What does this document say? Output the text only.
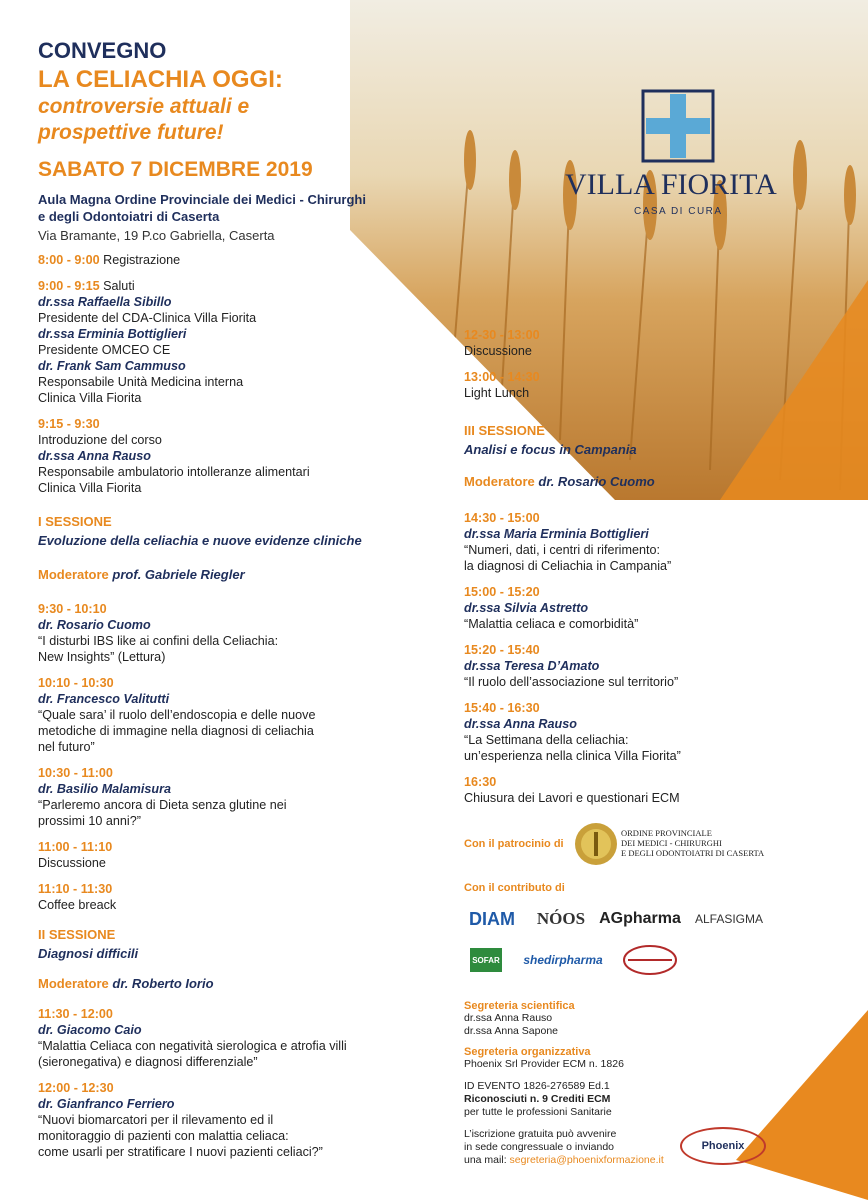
VILLA FIORITA
CASA DI CURA
CONVEGNO
LA CELIACHIA OGGI:
controversie attuali e
prospettive future!
SABATO 7 DICEMBRE 2019
Aula Magna Ordine Provinciale dei Medici - Chirurghi
e degli Odontoiatri di Caserta
Via Bramante, 19 P.co Gabriella, Caserta
8:00 - 9:00 Registrazione
9:00 - 9:15 Saluti
dr.ssa Raffaella Sibillo
Presidente del CDA-Clinica Villa Fiorita
dr.ssa Erminia Bottiglieri
Presidente OMCEO CE
dr. Frank Sam Cammuso
Responsabile Unità Medicina interna
Clinica Villa Fiorita
9:15 - 9:30
Introduzione del corso
dr.ssa Anna Rauso
Responsabile ambulatorio intolleranze alimentari
Clinica Villa Fiorita
I SESSIONE
Evoluzione della celiachia e nuove evidenze cliniche
Moderatore prof. Gabriele Riegler
9:30 - 10:10
dr. Rosario Cuomo
“I disturbi IBS like ai confini della Celiachia:
New Insights” (Lettura)
10:10 - 10:30
dr. Francesco Valitutti
“Quale sara’ il ruolo dell’endoscopia e delle nuove
metodiche di immagine nella diagnosi di celiachia
nel futuro”
10:30 - 11:00
dr. Basilio Malamisura
“Parleremo ancora di Dieta senza glutine nei
prossimi 10 anni?”
11:00 - 11:10
Discussione
11:10 - 11:30
Coffee breack
II SESSIONE
Diagnosi difficili
Moderatore dr. Roberto Iorio
11:30 - 12:00
dr. Giacomo Caio
“Malattia Celiaca con negatività sierologica e atrofia villi
(sieronegativa) e diagnosi differenziale”
12:00 - 12:30
dr. Gianfranco Ferriero
“Nuovi biomarcatori per il rilevamento ed il
monitoraggio di pazienti con malattia celiaca:
come usarli per stratificare I nuovi pazienti celiaci?”
12-30 - 13:00
Discussione
13:00 - 14:30
Light Lunch
III SESSIONE
Analisi e focus in Campania
Moderatore dr. Rosario Cuomo
14:30 - 15:00
dr.ssa Maria Erminia Bottiglieri
“Numeri, dati, i centri di riferimento:
la diagnosi di Celiachia in Campania”
15:00 - 15:20
dr.ssa Silvia Astretto
“Malattia celiaca e comorbidità”
15:20 - 15:40
dr.ssa Teresa D’Amato
“Il ruolo dell’associazione sul territorio”
15:40 - 16:30
dr.ssa Anna Rauso
“La Settimana della celiachia:
un’esperienza nella clinica Villa Fiorita”
16:30
Chiusura dei Lavori e questionari ECM
Con il patrocinio di
ORDINE PROVINCIALE
DEI MEDICI - CHIRURGHI
E DEGLI ODONTOIATRI DI CASERTA
Con il contributo di
DIAM	NÓOS AGpharma	ALFASIGMA
SOFAR	shedirpharma
Segreteria scientifica
dr.ssa Anna Rauso
dr.ssa Anna Sapone
Segreteria organizzativa
Phoenix Srl Provider ECM n. 1826
ID EVENTO 1826-276589 Ed.1
Riconosciuti n. 9 Crediti ECM
per tutte le professioni Sanitarie
L’iscrizione gratuita può avvenire
in sede congressuale o inviando
una mail: segreteria@phoenixformazione.it
Phoenix
